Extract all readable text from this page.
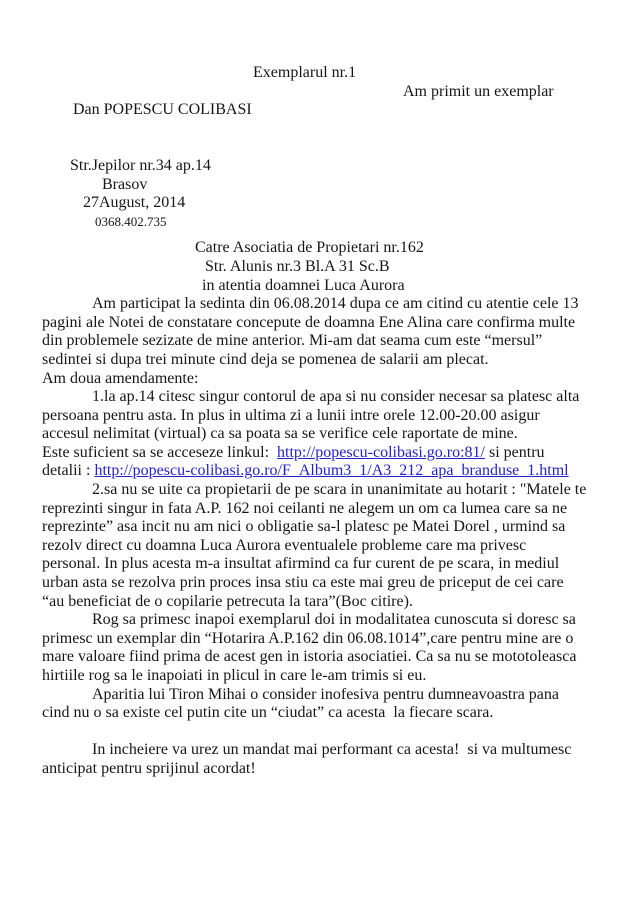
Exemplarul nr.1

Dan POPESCU COLIBASI

Am primit un exemplar

Str.Jepilor nr.34 ap.14
Brasov
27August, 2014
0368.402.735
Catre Asociatia de Propietari nr.162
Str. Alunis nr.3 Bl.A 31 Sc.B
in atentia doamnei Luca Aurora
Am participat la sedinta din 06.08.2014 dupa ce am citind cu atentie cele 13
pagini ale Notei de constatare concepute de doamna Ene Alina care confirma multe
din problemele sezizate de mine anterior. Mi-am dat seama cum este “mersul”
sedintei si dupa trei minute cind deja se pomenea de salarii am plecat.
Am doua amendamente:
1.la ap.14 citesc singur contorul de apa si nu consider necesar sa platesc alta
persoana pentru asta. In plus in ultima zi a lunii intre orele 12.00-20.00 asigur
accesul nelimitat (virtual) ca sa poata sa se verifice cele raportate de mine.
Este suficient sa se acceseze linkul:  http://popescu-colibasi.go.ro:81/ si pentru
detalii : http://popescu-colibasi.go.ro/F_Album3_1/A3_212_apa_branduse_1.html
2.sa nu se uite ca propietarii de pe scara in unanimitate au hotarit : "Matele te
reprezinti singur in fata A.P. 162 noi ceilanti ne alegem un om ca lumea care sa ne
reprezinte” asa incit nu am nici o obligatie sa-l platesc pe Matei Dorel , urmind sa
rezolv direct cu doamna Luca Aurora eventualele probleme care ma privesc
personal. In plus acesta m-a insultat afirmind ca fur curent de pe scara, in mediul
urban asta se rezolva prin proces insa stiu ca este mai greu de priceput de cei care
“au beneficiat de o copilarie petrecuta la tara”(Boc citire).
Rog sa primesc inapoi exemplarul doi in modalitatea cunoscuta si doresc sa
primesc un exemplar din “Hotarira A.P.162 din 06.08.1014”,care pentru mine are o
mare valoare fiind prima de acest gen in istoria asociatiei. Ca sa nu se mototoleasca
hirtiile rog sa le inapoiati in plicul in care le-am trimis si eu.
Aparitia lui Tiron Mihai o consider inofesiva pentru dumneavoastra pana
cind nu o sa existe cel putin cite un “ciudat” ca acesta  la fiecare scara.

In incheiere va urez un mandat mai performant ca acesta!  si va multumesc
anticipat pentru sprijinul acordat!
